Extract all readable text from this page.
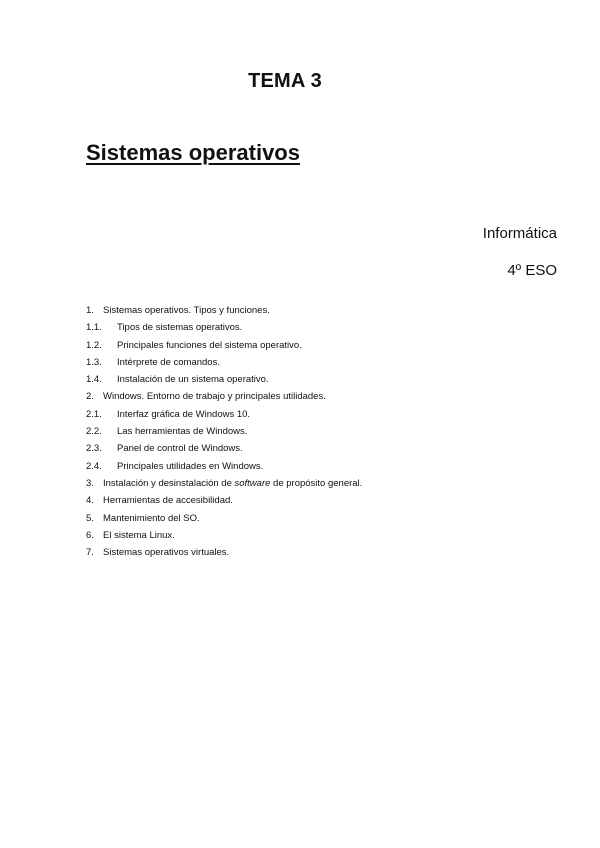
TEMA 3
Sistemas operativos
Informática
4º ESO
1. Sistemas operativos. Tipos y funciones.
1.1.	Tipos de sistemas operativos.
1.2.	Principales funciones del sistema operativo.
1.3.	Intérprete de comandos.
1.4.	Instalación de un sistema operativo.
2. Windows. Entorno de trabajo y principales utilidades.
2.1.	Interfaz gráfica de Windows 10.
2.2.	Las herramientas de Windows.
2.3.	Panel de control de Windows.
2.4.	Principales utilidades en Windows.
3. Instalación y desinstalación de software de propósito general.
4. Herramientas de accesibilidad.
5. Mantenimiento del SO.
6. El sistema Linux.
7. Sistemas operativos virtuales.
